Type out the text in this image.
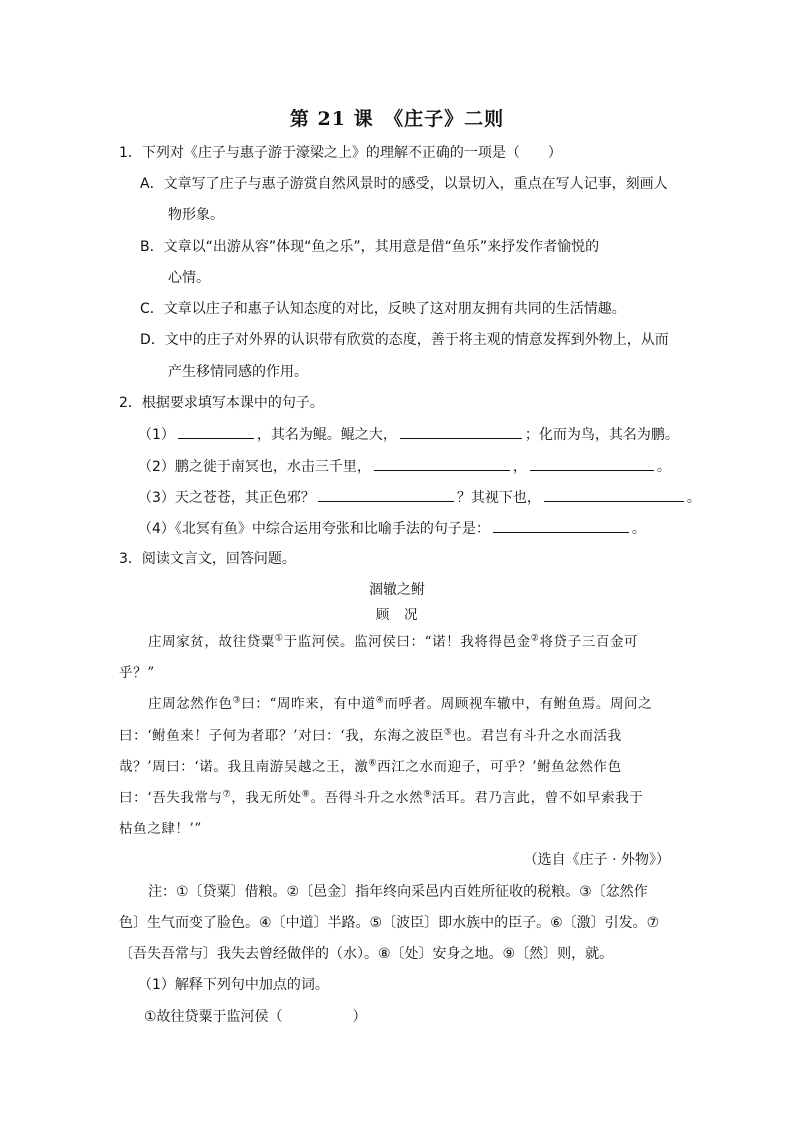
第 21 课　《庄子》二则
1．下列对《庄子与惠子游于濠梁之上》的理解不正确的一项是（　　）
A．文章写了庄子与惠子游赏自然风景时的感受，以景切入，重点在写人记事，刻画人
物形象。
B．文章以“出游从容”体现“鱼之乐”，其用意是借“鱼乐”来抒发作者愉悦的
心情。
C．文章以庄子和惠子认知态度的对比，反映了这对朋友拥有共同的生活情趣。
D．文中的庄子对外界的认识带有欣赏的态度，善于将主观的情意发挥到外物上，从而
产生移情同感的作用。
2．根据要求填写本课中的句子。
（1）	，其名为鲲。鲲之大，	；化而为鸟，其名为鹏。
（2）鹏之徙于南冥也，水击三千里，	，	。
（3）天之苍苍，其正色邪？	？其视下也，	。
（4）《北冥有鱼》中综合运用夸张和比喻手法的句子是：	。
3．阅读文言文，回答问题。
涸辙之鲋
顾　况
庄周家贫，故往贷粟①于监河侯。监河侯曰：“诺！我将得邑金②将贷子三百金可
乎？”
庄周忿然作色③曰：“周昨来，有中道④而呼者。周顾视车辙中，有鲋鱼焉。周问之
曰：‘鲋鱼来！子何为者耶？’对曰：‘我，东海之波臣⑤也。君岂有斗升之水而活我
哉？’周曰：‘诺。我且南游吴越之王，激⑥西江之水而迎子，可乎？’鲋鱼忿然作色
曰：‘吾失我常与⑦，我无所处⑧。吾得斗升之水然⑨活耳。君乃言此，曾不如早索我于
枯鱼之肆！’”
（选自《庄子 · 外物》）
注：①〔贷粟〕借粮。②〔邑金〕指年终向采邑内百姓所征收的税粮。③〔忿然作
色〕生气而变了脸色。④〔中道〕半路。⑤〔波臣〕即水族中的臣子。⑥〔激〕引发。⑦
〔吾失吾常与〕我失去曾经做伴的（水）。⑧〔处〕安身之地。⑨〔然〕则，就。
（1）解释下列句中加点的词。
①故往贷粟于监河侯（　　　　　）
